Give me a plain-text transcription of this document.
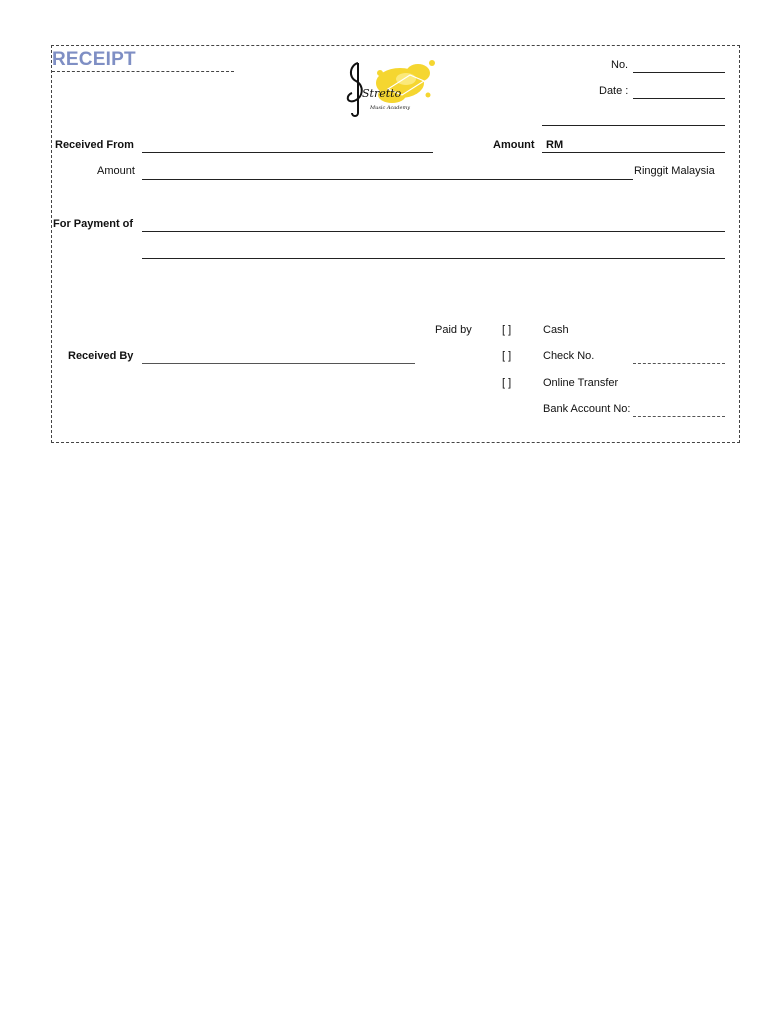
RECEIPT
Stretto
Music Academy
No.
Date :
Received From	Amount RM
Amount	Ringgit Malaysia
For Payment of
Paid by	[ ]	Cash
[ ]	Check No.
[ ]	Online Transfer
Bank Account No:
Received By
